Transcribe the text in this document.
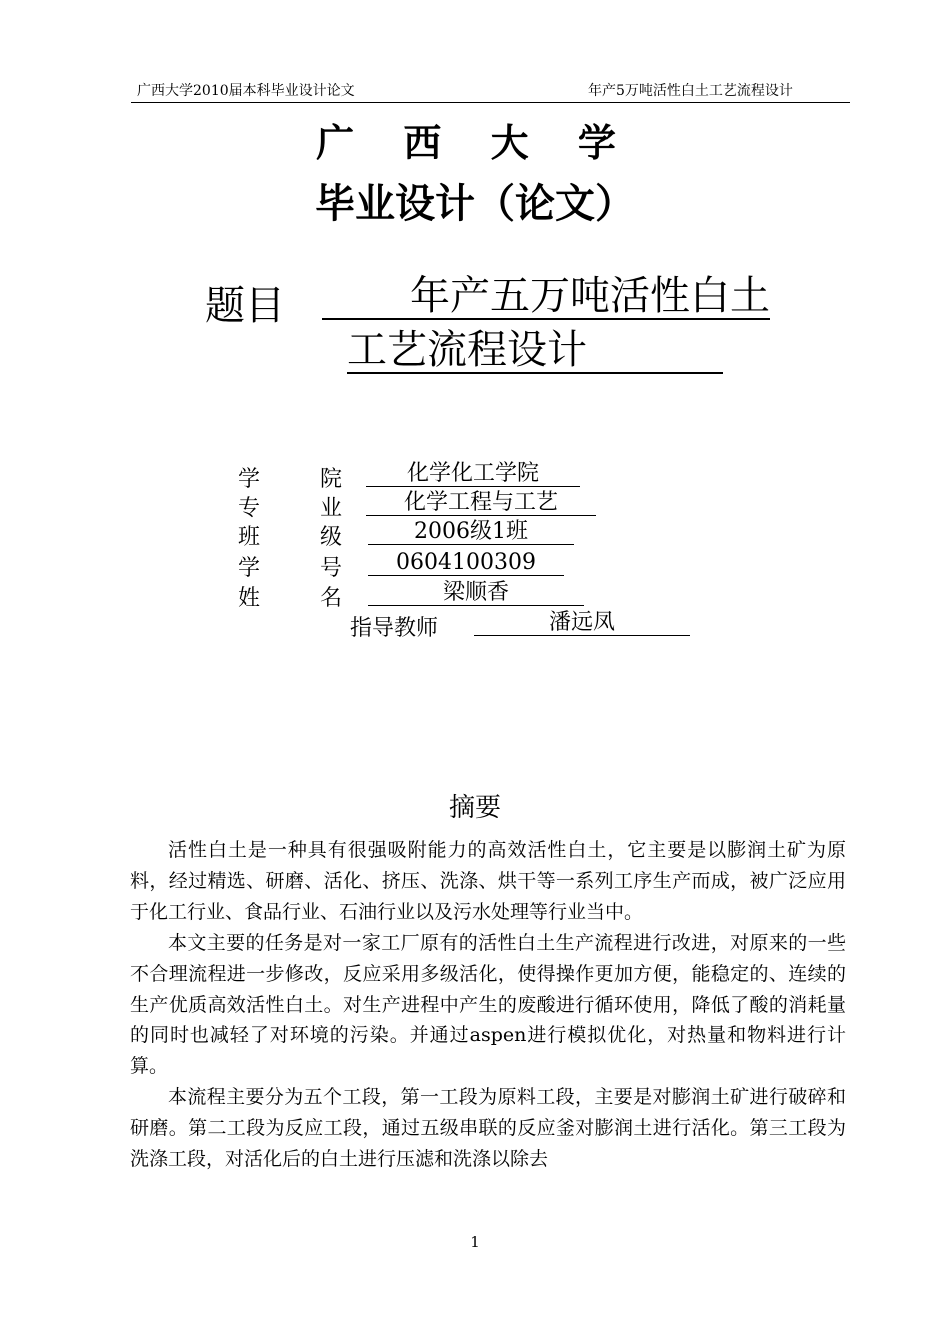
广西大学2010届本科毕业设计论文	年产5万吨活性白土工艺流程设计
广 西 大 学
毕业设计（论文）
题目	年产五万吨活性白土
工艺流程设计
学	院	化学化工学院
专	业	化学工程与工艺
班	级	2006级1班
学	号	0604100309
姓	名	梁顺香
指导教师	潘远凤
摘要

活性白土是一种具有很强吸附能力的高效活性白土，它主要是以膨润土矿为原料，经过精选、研磨、活化、挤压、洗涤、烘干等一系列工序生产而成，被广泛应用于化工行业、食品行业、石油行业以及污水处理等行业当中。

本文主要的任务是对一家工厂原有的活性白土生产流程进行改进，对原来的一些不合理流程进一步修改，反应采用多级活化，使得操作更加方便，能稳定的、连续的生产优质高效活性白土。对生产进程中产生的废酸进行循环使用，降低了酸的消耗量的同时也减轻了对环境的污染。并通过aspen进行模拟优化，对热量和物料进行计算。

本流程主要分为五个工段，第一工段为原料工段，主要是对膨润土矿进行破碎和研磨。第二工段为反应工段，通过五级串联的反应釜对膨润土进行活化。第三工段为洗涤工段，对活化后的白土进行压滤和洗涤以除去

1
